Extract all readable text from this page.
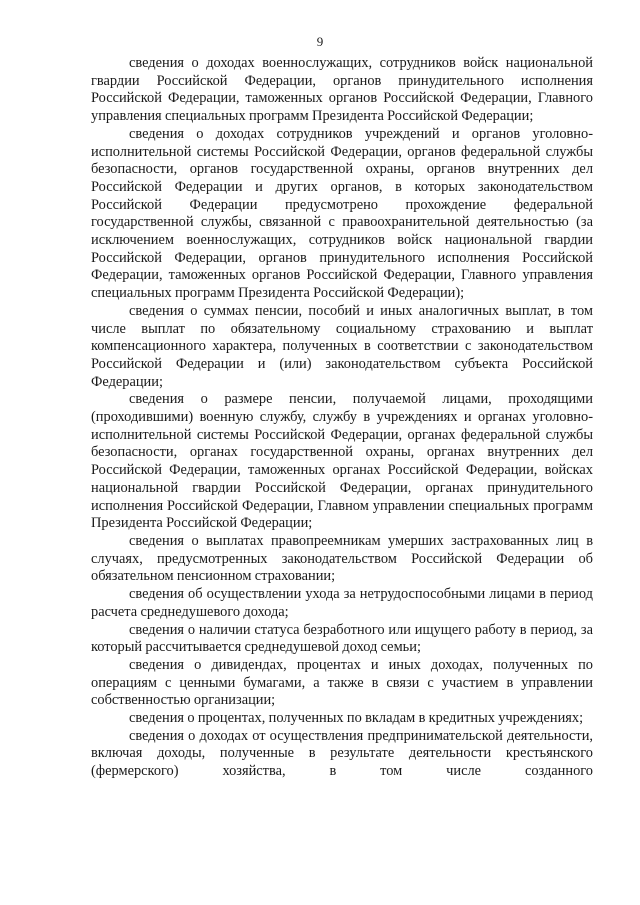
9

сведения о доходах военнослужащих, сотрудников войск национальной гвардии Российской Федерации, органов принудительного исполнения Российской Федерации, таможенных органов Российской Федерации, Главного управления специальных программ Президента Российской Федерации;

сведения о доходах сотрудников учреждений и органов уголовно-исполнительной системы Российской Федерации, органов федеральной службы безопасности, органов государственной охраны, органов внутренних дел Российской Федерации и других органов, в которых законодательством Российской Федерации предусмотрено прохождение федеральной государственной службы, связанной с правоохранительной деятельностью (за исключением военнослужащих, сотрудников войск национальной гвардии Российской Федерации, органов принудительного исполнения Российской Федерации, таможенных органов Российской Федерации, Главного управления специальных программ Президента Российской Федерации);

сведения о суммах пенсии, пособий и иных аналогичных выплат, в том числе выплат по обязательному социальному страхованию и выплат компенсационного характера, полученных в соответствии с законодательством Российской Федерации и (или) законодательством субъекта Российской Федерации;

сведения о размере пенсии, получаемой лицами, проходящими (проходившими) военную службу, службу в учреждениях и органах уголовно-исполнительной системы Российской Федерации, органах федеральной службы безопасности, органах государственной охраны, органах внутренних дел Российской Федерации, таможенных органах Российской Федерации, войсках национальной гвардии Российской Федерации, органах принудительного исполнения Российской Федерации, Главном управлении специальных программ Президента Российской Федерации;

сведения о выплатах правопреемникам умерших застрахованных лиц в случаях, предусмотренных законодательством Российской Федерации об обязательном пенсионном страховании;

сведения об осуществлении ухода за нетрудоспособными лицами в период расчета среднедушевого дохода;

сведения о наличии статуса безработного или ищущего работу в период, за который рассчитывается среднедушевой доход семьи;

сведения о дивидендах, процентах и иных доходах, полученных по операциям с ценными бумагами, а также в связи с участием в управлении собственностью организации;

сведения о процентах, полученных по вкладам в кредитных учреждениях;

сведения о доходах от осуществления предпринимательской деятельности, включая доходы, полученные в результате деятельности крестьянского (фермерского) хозяйства, в том числе созданного
